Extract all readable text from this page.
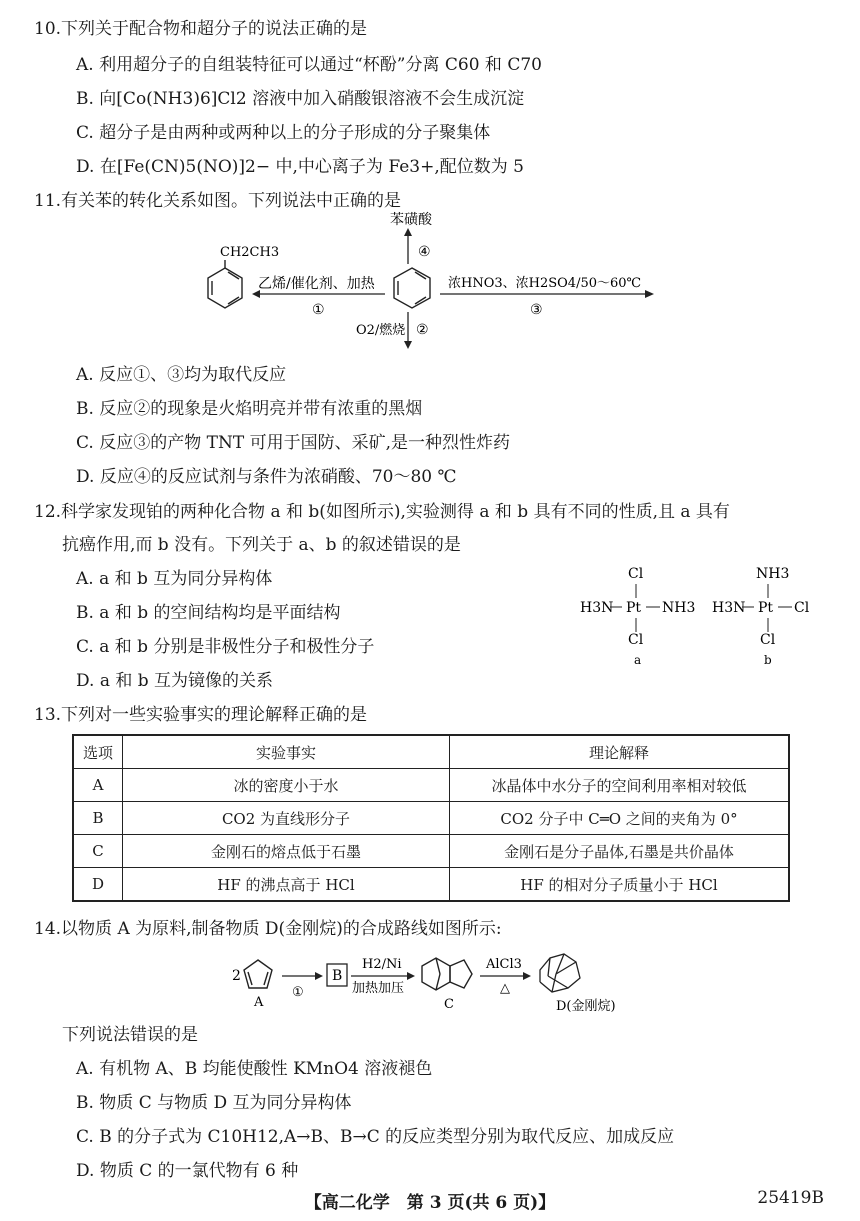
10.下列关于配合物和超分子的说法正确的是
A. 利用超分子的自组装特征可以通过“杯酚”分离 C60 和 C70
B. 向[Co(NH3)6]Cl2 溶液中加入硝酸银溶液不会生成沉淀
C. 超分子是由两种或两种以上的分子形成的分子聚集体
D. 在[Fe(CN)5(NO)]2− 中,中心离子为 Fe3+,配位数为 5
11.有关苯的转化关系如图。下列说法中正确的是
CH2CH3
乙烯/催化剂、加热
①
苯磺酸
④
O2/燃烧 ②
浓HNO3、浓H2SO4/50～60℃
③
A. 反应①、③均为取代反应
B. 反应②的现象是火焰明亮并带有浓重的黑烟
C. 反应③的产物 TNT 可用于国防、采矿,是一种烈性炸药
D. 反应④的反应试剂与条件为浓硝酸、70～80 ℃
12.科学家发现铂的两种化合物 a 和 b(如图所示),实验测得 a 和 b 具有不同的性质,且 a 具有
抗癌作用,而 b 没有。下列关于 a、b 的叙述错误的是
A. a 和 b 互为同分异构体
B. a 和 b 的空间结构均是平面结构
C. a 和 b 分别是非极性分子和极性分子
D. a 和 b 互为镜像的关系
Cl
H3N Pt NH3
Cl
a
NH3
H3N Pt Cl
Cl
b
13.下列对一些实验事实的理论解释正确的是
选项	实验事实	理论解释
A	冰的密度小于水	冰晶体中水分子的空间利用率相对较低
B	CO2 为直线形分子	CO2 分子中 C═O 之间的夹角为 0°
C	金刚石的熔点低于石墨	金刚石是分子晶体,石墨是共价晶体
D	HF 的沸点高于 HCl	HF 的相对分子质量小于 HCl
14.以物质 A 为原料,制备物质 D(金刚烷)的合成路线如图所示:
2
A
①
B
H2/Ni
加热加压
C
AlCl3
△
D(金刚烷)
下列说法错误的是
A. 有机物 A、B 均能使酸性 KMnO4 溶液褪色
B. 物质 C 与物质 D 互为同分异构体
C. B 的分子式为 C10H12,A→B、B→C 的反应类型分别为取代反应、加成反应
D. 物质 C 的一氯代物有 6 种
【高二化学　第 3 页(共 6 页)】	25419B
